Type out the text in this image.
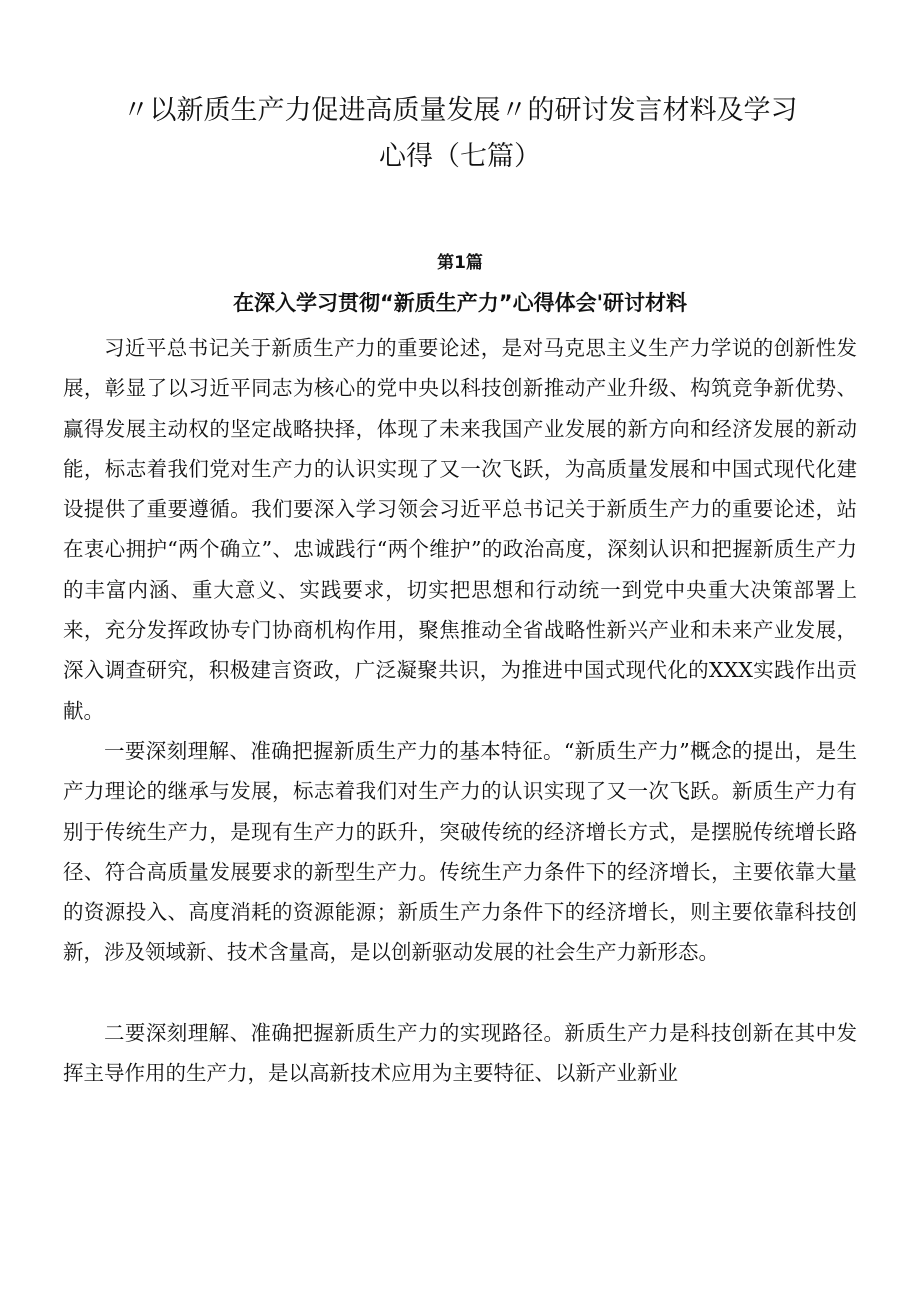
〃以新质生产力促进高质量发展〃的研讨发言材料及学习
心得（七篇）
第1篇
在深入学习贯彻“新质生产力”心得体会'研讨材料

习近平总书记关于新质生产力的重要论述，是对马克思主义生产力学说的创新性发展，彰显了以习近平同志为核心的党中央以科技创新推动产业升级、构筑竞争新优势、赢得发展主动权的坚定战略抉择，体现了未来我国产业发展的新方向和经济发展的新动能，标志着我们党对生产力的认识实现了又一次飞跃，为高质量发展和中国式现代化建设提供了重要遵循。我们要深入学习领会习近平总书记关于新质生产力的重要论述，站在衷心拥护“两个确立”、忠诚践行“两个维护”的政治高度，深刻认识和把握新质生产力的丰富内涵、重大意义、实践要求，切实把思想和行动统一到党中央重大决策部署上来，充分发挥政协专门协商机构作用，聚焦推动全省战略性新兴产业和未来产业发展，深入调查研究，积极建言资政，广泛凝聚共识，为推进中国式现代化的XXX实践作出贡献。

一要深刻理解、准确把握新质生产力的基本特征。“新质生产力”概念的提出，是生产力理论的继承与发展，标志着我们对生产力的认识实现了又一次飞跃。新质生产力有别于传统生产力，是现有生产力的跃升，突破传统的经济增长方式，是摆脱传统增长路径、符合高质量发展要求的新型生产力。传统生产力条件下的经济增长，主要依靠大量的资源投入、高度消耗的资源能源；新质生产力条件下的经济增长，则主要依靠科技创新，涉及领域新、技术含量高，是以创新驱动发展的社会生产力新形态。

二要深刻理解、准确把握新质生产力的实现路径。新质生产力是科技创新在其中发挥主导作用的生产力，是以高新技术应用为主要特征、以新产业新业
